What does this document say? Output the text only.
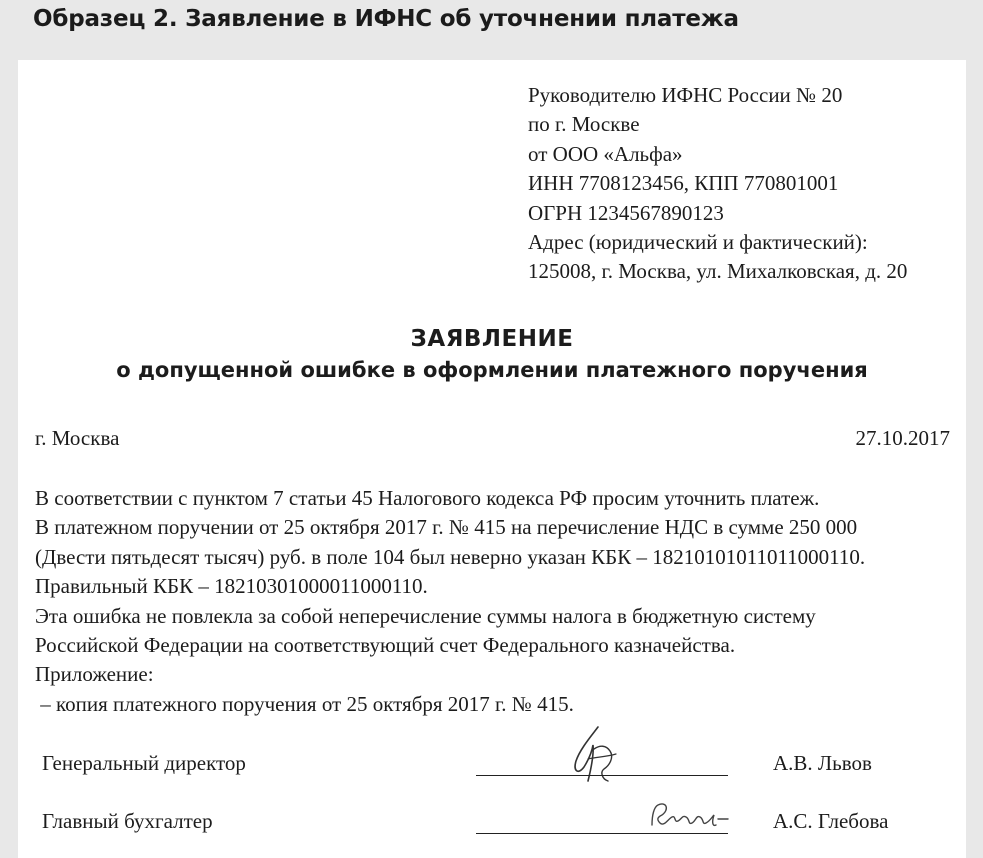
Образец 2. Заявление в ИФНС об уточнении платежа
Руководителю ИФНС России № 20
по г. Москве
от ООО «Альфа»
ИНН 7708123456, КПП 770801001
ОГРН 1234567890123
Адрес (юридический и фактический):
125008, г. Москва, ул. Михалковская, д. 20
ЗАЯВЛЕНИЕ
о допущенной ошибке в оформлении платежного поручения
г. Москва	27.10.2017
В соответствии с пунктом 7 статьи 45 Налогового кодекса РФ просим уточнить платеж.
В платежном поручении от 25 октября 2017 г. № 415 на перечисление НДС в сумме 250 000
(Двести пятьдесят тысяч) руб. в поле 104 был неверно указан КБК – 18210101011011000110.
Правильный КБК – 18210301000011000110.
Эта ошибка не повлекла за собой неперечисление суммы налога в бюджетную систему
Российской Федерации на соответствующий счет Федерального казначейства.
Приложение:
– копия платежного поручения от 25 октября 2017 г. № 415.
Генеральный директор	А.В. Львов
Главный бухгалтер	А.С. Глебова
